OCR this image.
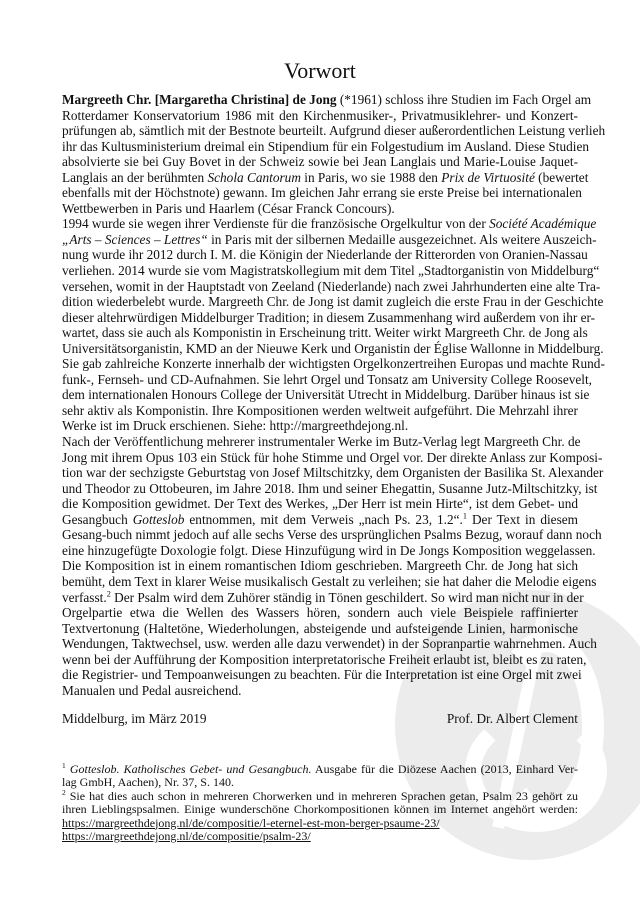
Vorwort
Margreeth Chr. [Margaretha Christina] de Jong (*1961) schloss ihre Studien im Fach Orgel am
Rotterdamer Konservatorium 1986 mit den Kirchenmusiker-, Privatmusiklehrer- und Konzert-
prüfungen ab, sämtlich mit der Bestnote beurteilt. Aufgrund dieser außerordentlichen Leistung verlieh
ihr das Kultusministerium dreimal ein Stipendium für ein Folgestudium im Ausland. Diese Studien
absolvierte sie bei Guy Bovet in der Schweiz sowie bei Jean Langlais und Marie-Louise Jaquet-
Langlais an der berühmten Schola Cantorum in Paris, wo sie 1988 den Prix de Virtuosité (bewertet
ebenfalls mit der Höchstnote) gewann. Im gleichen Jahr errang sie erste Preise bei internationalen
Wettbewerben in Paris und Haarlem (César Franck Concours).
1994 wurde sie wegen ihrer Verdienste für die französische Orgelkultur von der Société Académique
„Arts – Sciences – Lettres“ in Paris mit der silbernen Medaille ausgezeichnet. Als weitere Auszeich-
nung wurde ihr 2012 durch I. M. die Königin der Niederlande der Ritterorden von Oranien-Nassau
verliehen. 2014 wurde sie vom Magistratskollegium mit dem Titel „Stadtorganistin von Middelburg“
versehen, womit in der Hauptstadt von Zeeland (Niederlande) nach zwei Jahrhunderten eine alte Tra-
dition wiederbelebt wurde. Margreeth Chr. de Jong ist damit zugleich die erste Frau in der Geschichte
dieser altehrwürdigen Middelburger Tradition; in diesem Zusammenhang wird außerdem von ihr er-
wartet, dass sie auch als Komponistin in Erscheinung tritt. Weiter wirkt Margreeth Chr. de Jong als
Universitätsorganistin, KMD an der Nieuwe Kerk und Organistin der Église Wallonne in Middelburg.
Sie gab zahlreiche Konzerte innerhalb der wichtigsten Orgelkonzertreihen Europas und machte Rund-
funk-, Fernseh- und CD-Aufnahmen. Sie lehrt Orgel und Tonsatz am University College Roosevelt,
dem internationalen Honours College der Universität Utrecht in Middelburg. Darüber hinaus ist sie
sehr aktiv als Komponistin. Ihre Kompositionen werden weltweit aufgeführt. Die Mehrzahl ihrer
Werke ist im Druck erschienen. Siehe: http://margreethdejong.nl.
Nach der Veröffentlichung mehrerer instrumentaler Werke im Butz-Verlag legt Margreeth Chr. de
Jong mit ihrem Opus 103 ein Stück für hohe Stimme und Orgel vor. Der direkte Anlass zur Komposi-
tion war der sechzigste Geburtstag von Josef Miltschitzky, dem Organisten der Basilika St. Alexander
und Theodor zu Ottobeuren, im Jahre 2018. Ihm und seiner Ehegattin, Susanne Jutz-Miltschitzky, ist
die Komposition gewidmet. Der Text des Werkes, „Der Herr ist mein Hirte“, ist dem Gebet- und
Gesangbuch Gotteslob entnommen, mit dem Verweis „nach Ps. 23, 1.2“.$^1$ Der Text in diesem
Gesang-buch nimmt jedoch auf alle sechs Verse des ursprünglichen Psalms Bezug, worauf dann noch
eine hinzugefügte Doxologie folgt. Diese Hinzufügung wird in De Jongs Komposition weggelassen.
Die Komposition ist in einem romantischen Idiom geschrieben. Margreeth Chr. de Jong hat sich
bemüht, dem Text in klarer Weise musikalisch Gestalt zu verleihen; sie hat daher die Melodie eigens
verfasst.$^2$ Der Psalm wird dem Zuhörer ständig in Tönen geschildert. So wird man nicht nur in der
Orgelpartie etwa die Wellen des Wassers hören, sondern auch viele Beispiele raffinierter
Textvertonung (Haltetöne, Wiederholungen, absteigende und aufsteigende Linien, harmonische
Wendungen, Taktwechsel, usw. werden alle dazu verwendet) in der Sopranpartie wahrnehmen. Auch
wenn bei der Aufführung der Komposition interpretatorische Freiheit erlaubt ist, bleibt es zu raten,
die Registrier- und Tempoanweisungen zu beachten. Für die Interpretation ist eine Orgel mit zwei
Manualen und Pedal ausreichend.
Middelburg, im März 2019	Prof. Dr. Albert Clement
$^1$ Gotteslob. Katholisches Gebet- und Gesangbuch. Ausgabe für die Diözese Aachen (2013, Einhard Ver-
lag GmbH, Aachen), Nr. 37, S. 140.
$^2$ Sie hat dies auch schon in mehreren Chorwerken und in mehreren Sprachen getan, Psalm 23 gehört zu
ihren Lieblingspsalmen. Einige wunderschöne Chorkompositionen können im Internet angehört werden:
https://margreethdejong.nl/de/compositie/l-eternel-est-mon-berger-psaume-23/
https://margreethdejong.nl/de/compositie/psalm-23/
